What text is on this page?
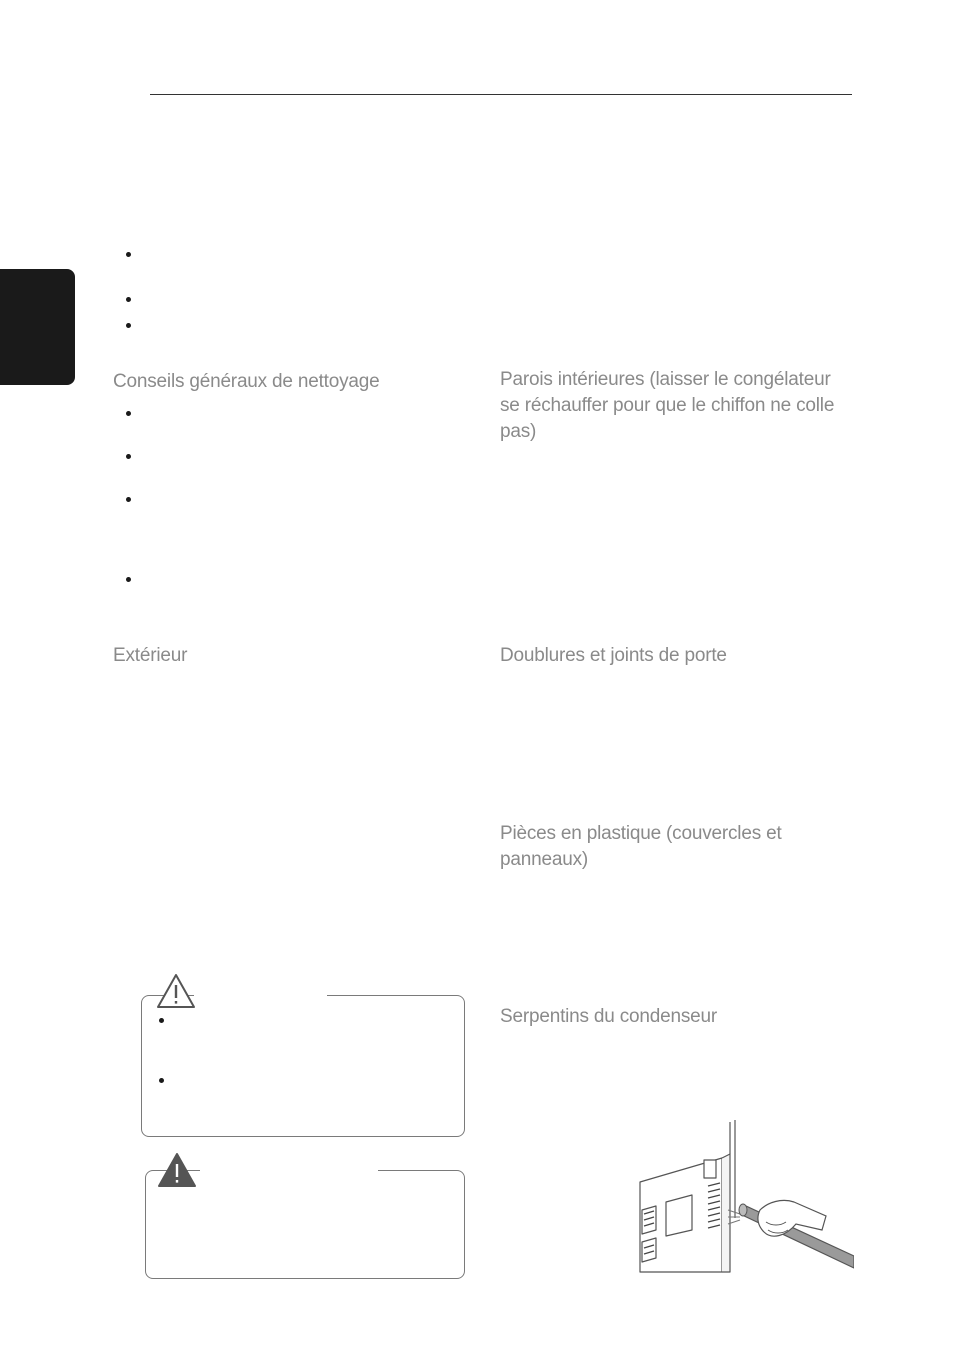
Conseils généraux de nettoyage
Extérieur
Parois intérieures (laisser le congélateur se réchauffer pour que le chiffon ne colle pas)
Doublures et joints de porte
Pièces en plastique (couvercles et panneaux)
Serpentins du condenseur
